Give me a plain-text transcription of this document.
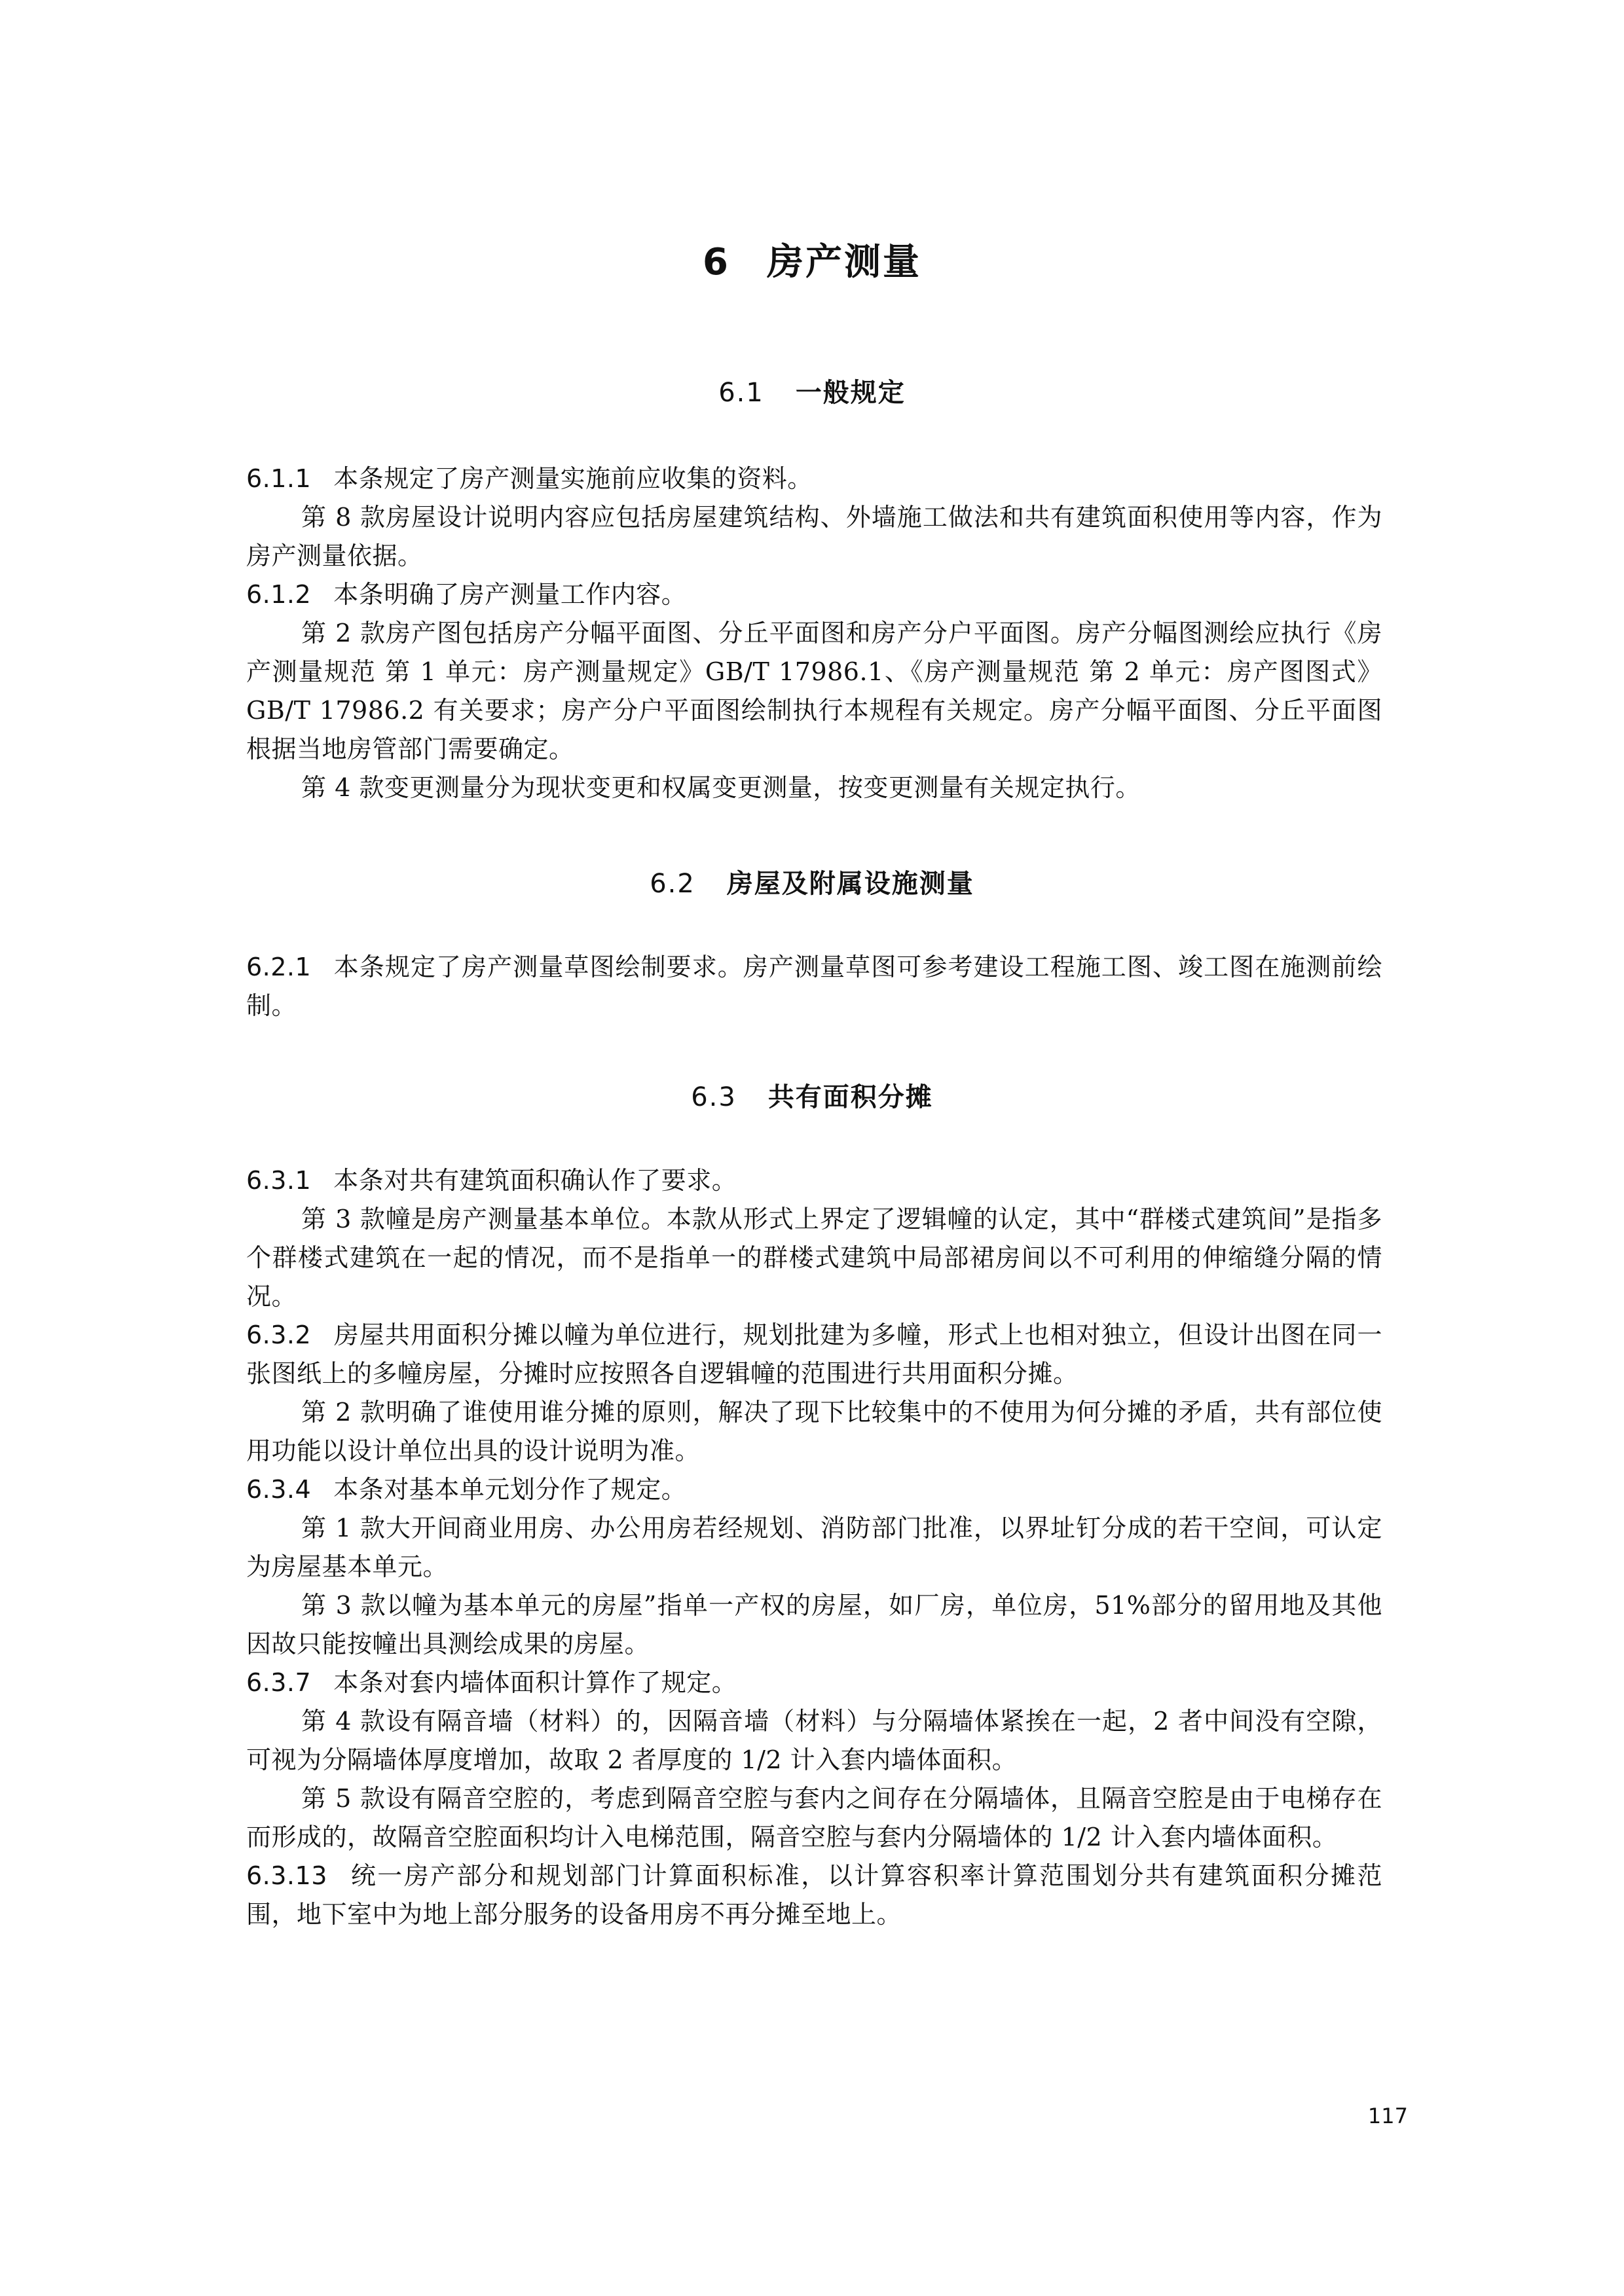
6 房产测量
6.1 一般规定

6.1.1 本条规定了房产测量实施前应收集的资料。

第 8 款房屋设计说明内容应包括房屋建筑结构、外墙施工做法和共有建筑面积使用等内容，作为房产测量依据。

6.1.2 本条明确了房产测量工作内容。

第 2 款房产图包括房产分幅平面图、分丘平面图和房产分户平面图。房产分幅图测绘应执行《房产测量规范 第 1 单元：房产测量规定》GB/T 17986.1、《房产测量规范 第 2 单元：房产图图式》GB/T 17986.2 有关要求；房产分户平面图绘制执行本规程有关规定。房产分幅平面图、分丘平面图根据当地房管部门需要确定。

第 4 款变更测量分为现状变更和权属变更测量，按变更测量有关规定执行。

6.2 房屋及附属设施测量

6.2.1 本条规定了房产测量草图绘制要求。房产测量草图可参考建设工程施工图、竣工图在施测前绘制。

6.3 共有面积分摊

6.3.1 本条对共有建筑面积确认作了要求。

第 3 款幢是房产测量基本单位。本款从形式上界定了逻辑幢的认定，其中“群楼式建筑间”是指多个群楼式建筑在一起的情况，而不是指单一的群楼式建筑中局部裙房间以不可利用的伸缩缝分隔的情况。

6.3.2 房屋共用面积分摊以幢为单位进行，规划批建为多幢，形式上也相对独立，但设计出图在同一张图纸上的多幢房屋，分摊时应按照各自逻辑幢的范围进行共用面积分摊。

第 2 款明确了谁使用谁分摊的原则，解决了现下比较集中的不使用为何分摊的矛盾，共有部位使用功能以设计单位出具的设计说明为准。

6.3.4 本条对基本单元划分作了规定。

第 1 款大开间商业用房、办公用房若经规划、消防部门批准，以界址钉分成的若干空间，可认定为房屋基本单元。

第 3 款以幢为基本单元的房屋”指单一产权的房屋，如厂房，单位房，51%部分的留用地及其他因故只能按幢出具测绘成果的房屋。

6.3.7 本条对套内墙体面积计算作了规定。

第 4 款设有隔音墙（材料）的，因隔音墙（材料）与分隔墙体紧挨在一起，2 者中间没有空隙，可视为分隔墙体厚度增加，故取 2 者厚度的 1/2 计入套内墙体面积。

第 5 款设有隔音空腔的，考虑到隔音空腔与套内之间存在分隔墙体，且隔音空腔是由于电梯存在而形成的，故隔音空腔面积均计入电梯范围，隔音空腔与套内分隔墙体的 1/2 计入套内墙体面积。

6.3.13 统一房产部分和规划部门计算面积标准，以计算容积率计算范围划分共有建筑面积分摊范围，地下室中为地上部分服务的设备用房不再分摊至地上。

117
